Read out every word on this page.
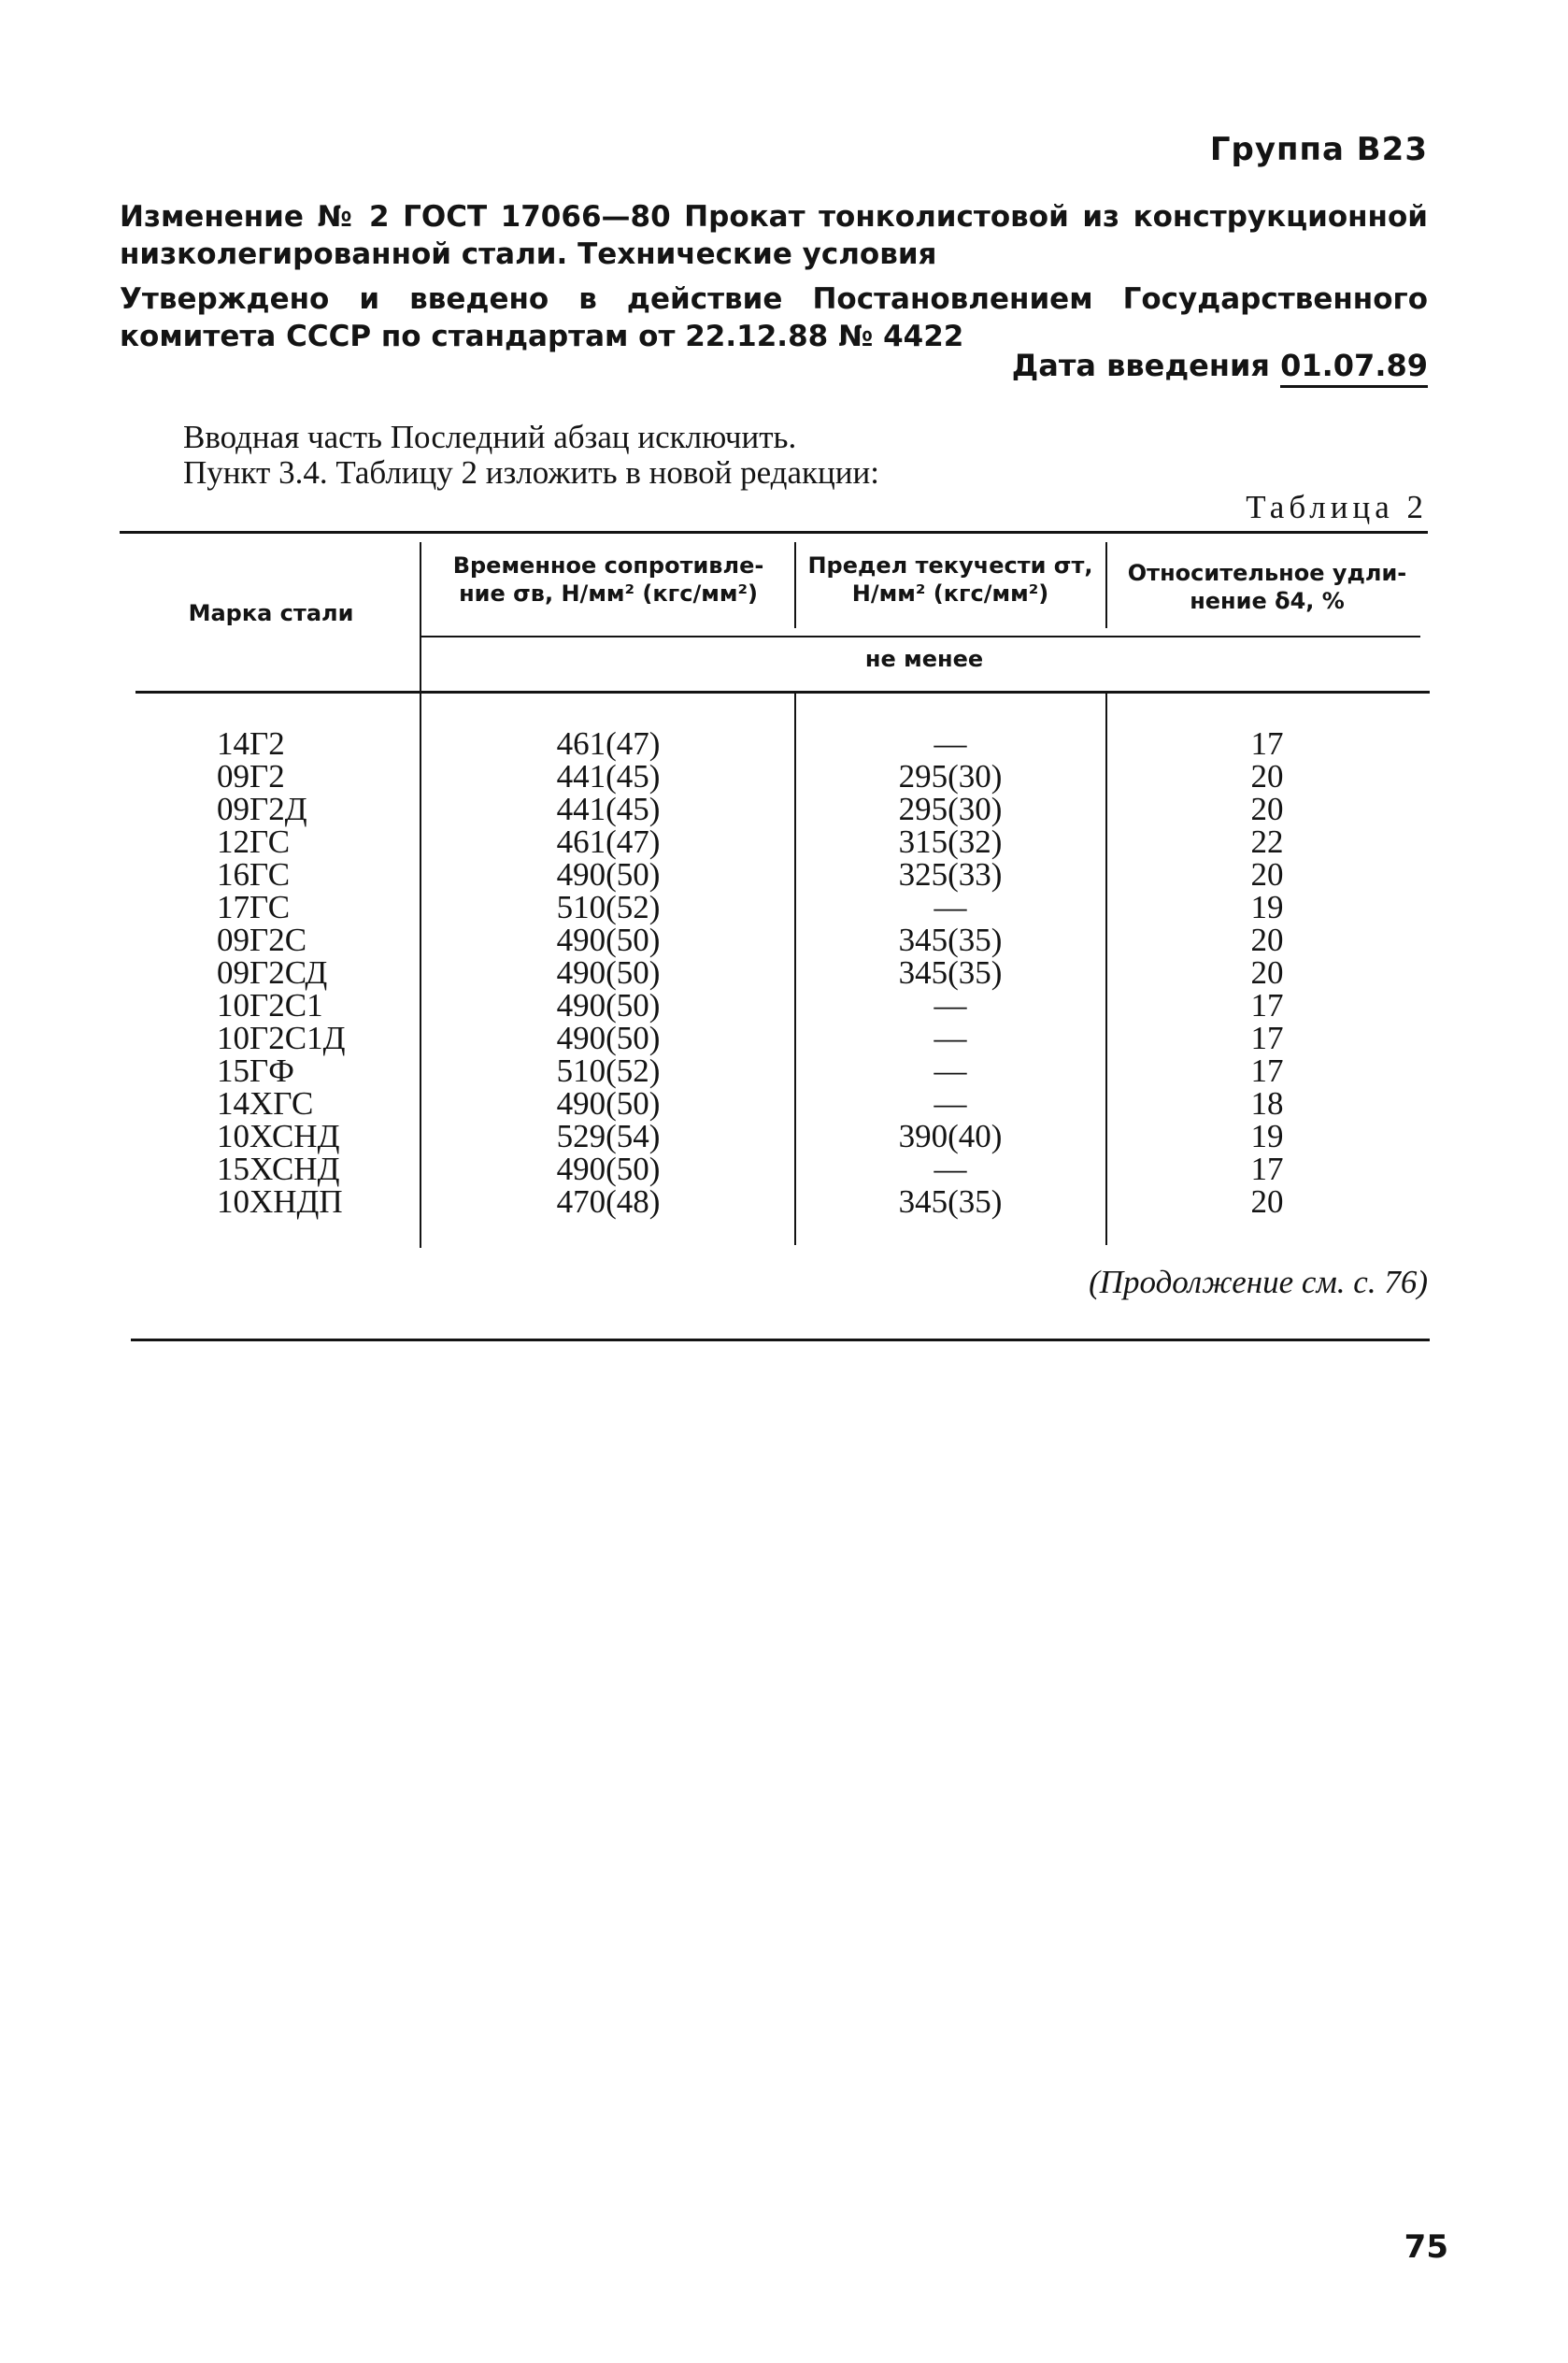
Группа В23
Изменение № 2 ГОСТ 17066—80 Прокат тонколистовой из конструкционной низколегированной стали. Технические условия
Утверждено и введено в действие Постановлением Государственного комитета СССР по стандартам от 22.12.88 № 4422
Дата введения 01.07.89
Вводная часть Последний абзац исключить.
Пункт 3.4. Таблицу 2 изложить в новой редакции:
Таблица 2
Марка стали
Временное сопротивле-
ние σв, Н/мм² (кгс/мм²)
Предел текучести σт,
Н/мм² (кгс/мм²)
Относительное удли-
нение δ4, %
не менее
14Г2
09Г2
09Г2Д
12ГС
16ГС
17ГС
09Г2С
09Г2СД
10Г2С1
10Г2С1Д
15ГФ
14ХГС
10ХСНД
15ХСНД
10ХНДП
461(47)
441(45)
441(45)
461(47)
490(50)
510(52)
490(50)
490(50)
490(50)
490(50)
510(52)
490(50)
529(54)
490(50)
470(48)
—
295(30)
295(30)
315(32)
325(33)
—
345(35)
345(35)
—
—
—
—
390(40)
—
345(35)
17
20
20
22
20
19
20
20
17
17
17
18
19
17
20
(Продолжение см. с. 76)
75
